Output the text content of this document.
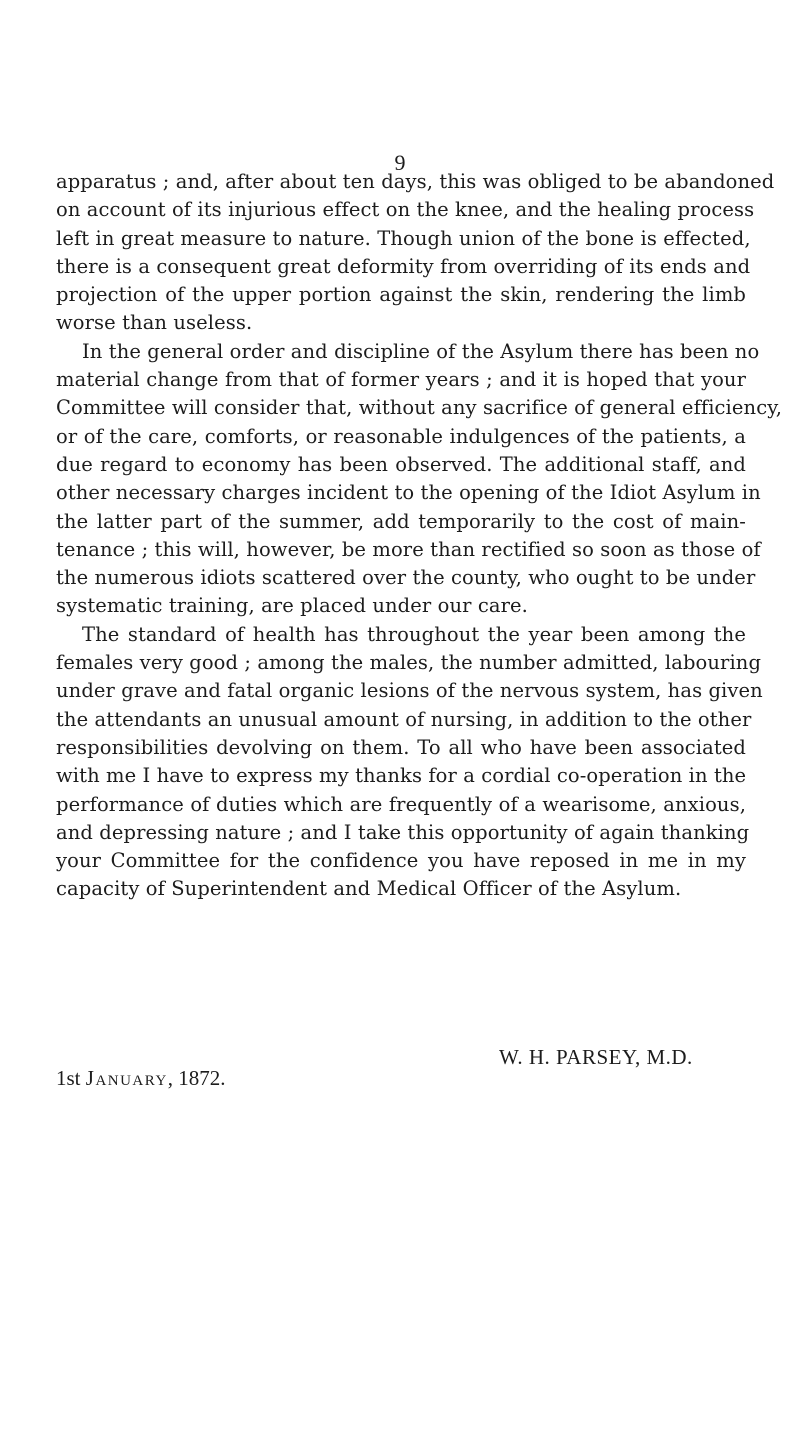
9
apparatus ; and, after about ten days, this was obliged to be abandoned
on account of its injurious effect on the knee, and the healing process
left in great measure to nature. Though union of the bone is effected,
there is a consequent great deformity from overriding of its ends and
projection of the upper portion against the skin, rendering the limb
worse than useless.
In the general order and discipline of the Asylum there has been no
material change from that of former years ; and it is hoped that your
Committee will consider that, without any sacrifice of general efficiency,
or of the care, comforts, or reasonable indulgences of the patients, a
due regard to economy has been observed. The additional staff, and
other necessary charges incident to the opening of the Idiot Asylum in
the latter part of the summer, add temporarily to the cost of main-
tenance ; this will, however, be more than rectified so soon as those of
the numerous idiots scattered over the county, who ought to be under
systematic training, are placed under our care.
The standard of health has throughout the year been among the
females very good ; among the males, the number admitted, labouring
under grave and fatal organic lesions of the nervous system, has given
the attendants an unusual amount of nursing, in addition to the other
responsibilities devolving on them. To all who have been associated
with me I have to express my thanks for a cordial co-operation in the
performance of duties which are frequently of a wearisome, anxious,
and depressing nature ; and I take this opportunity of again thanking
your Committee for the confidence you have reposed in me in my
capacity of Superintendent and Medical Officer of the Asylum.
W. H. PARSEY, M.D.
1st January, 1872.
